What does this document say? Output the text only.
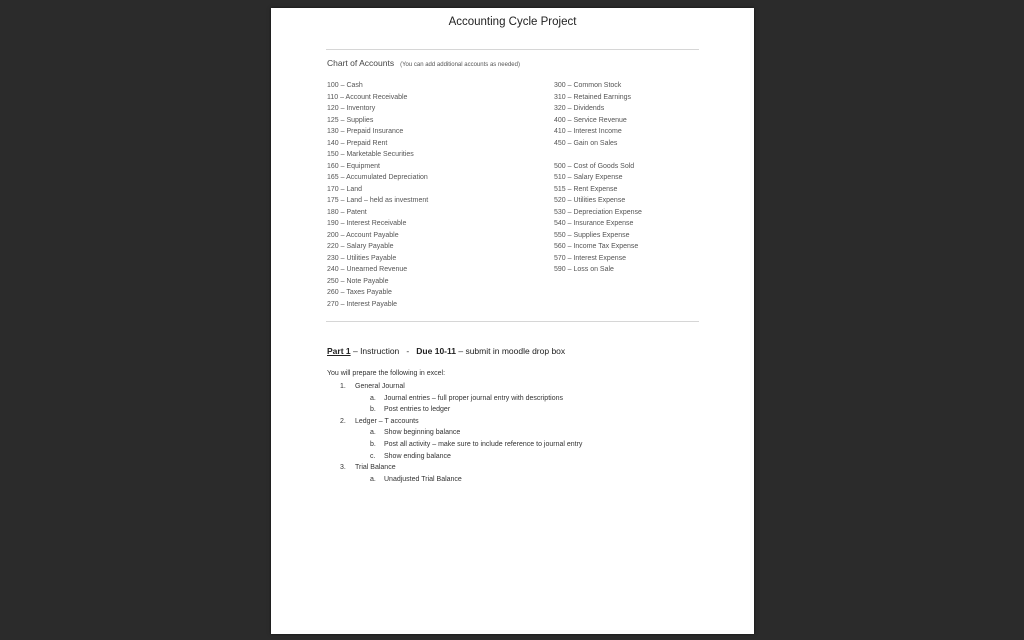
Accounting Cycle Project
Chart of Accounts (You can add additional accounts as needed)
100 – Cash
110 – Account Receivable
120 – Inventory
125 – Supplies
130 – Prepaid Insurance
140 – Prepaid Rent
150 – Marketable Securities
160 – Equipment
165 – Accumulated Depreciation
170 – Land
175 – Land – held as investment
180 – Patent
190 – Interest Receivable
200 – Account Payable
220 – Salary Payable
230 – Utilities Payable
240 – Unearned Revenue
250 – Note Payable
260 – Taxes Payable
270 – Interest Payable
300 – Common Stock
310 – Retained Earnings
320 – Dividends
400 – Service Revenue
410 – Interest Income
450 – Gain on Sales
500 – Cost of Goods Sold
510 – Salary Expense
515 – Rent Expense
520 – Utilities Expense
530 – Depreciation Expense
540 – Insurance Expense
550 – Supplies Expense
560 – Income Tax Expense
570 – Interest Expense
590 – Loss on Sale
Part 1 – Instruction   -   Due 10-11 – submit in moodle drop box
You will prepare the following in excel:
1. General Journal
a. Journal entries – full proper journal entry with descriptions
b. Post entries to ledger
2. Ledger – T accounts
a. Show beginning balance
b. Post all activity – make sure to include reference to journal entry
c. Show ending balance
3. Trial Balance
a. Unadjusted Trial Balance
